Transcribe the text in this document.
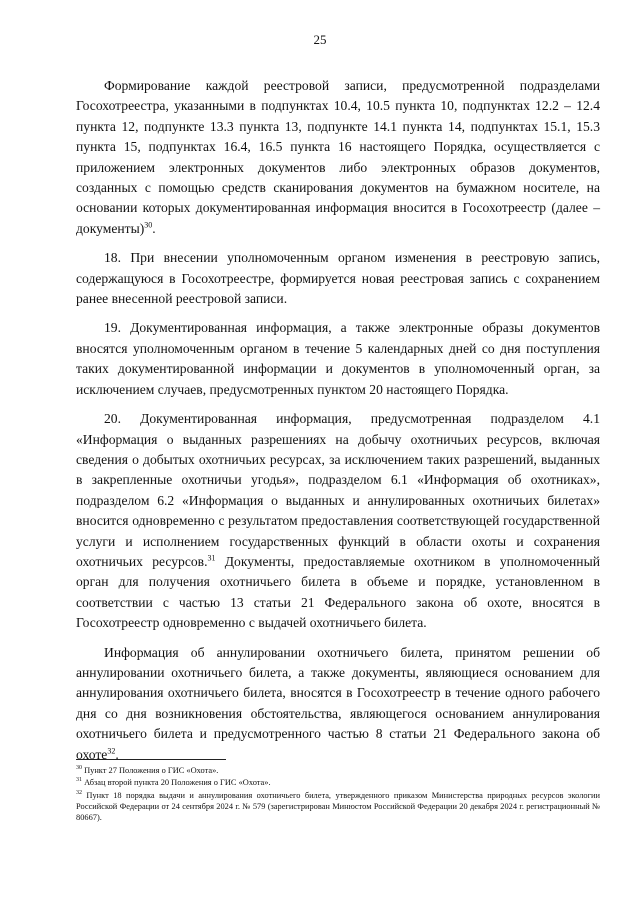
25

Формирование каждой реестровой записи, предусмотренной подразделами Госохотреестра, указанными в подпунктах 10.4, 10.5 пункта 10, подпунктах 12.2 – 12.4 пункта 12, подпункте 13.3 пункта 13, подпункте 14.1 пункта 14, подпунктах 15.1, 15.3 пункта 15, подпунктах 16.4, 16.5 пункта 16 настоящего Порядка, осуществляется с приложением электронных документов либо электронных образов документов, созданных с помощью средств сканирования документов на бумажном носителе, на основании которых документированная информация вносится в Госохотреестр (далее – документы)$^{30}$.

18. При внесении уполномоченным органом изменения в реестровую запись, содержащуюся в Госохотреестре, формируется новая реестровая запись с сохранением ранее внесенной реестровой записи.

19. Документированная информация, а также электронные образы документов вносятся уполномоченным органом в течение 5 календарных дней со дня поступления таких документированной информации и документов в уполномоченный орган, за исключением случаев, предусмотренных пунктом 20 настоящего Порядка.

20. Документированная информация, предусмотренная подразделом 4.1 «Информация о выданных разрешениях на добычу охотничьих ресурсов, включая сведения о добытых охотничьих ресурсах, за исключением таких разрешений, выданных в закрепленные охотничьи угодья», подразделом 6.1 «Информация об охотниках», подразделом 6.2 «Информация о выданных и аннулированных охотничьих билетах» вносится одновременно с результатом предоставления соответствующей государственной услуги и исполнением государственных функций в области охоты и сохранения охотничьих ресурсов.$^{31}$ Документы, предоставляемые охотником в уполномоченный орган для получения охотничьего билета в объеме и порядке, установленном в соответствии с частью 13 статьи 21 Федерального закона об охоте, вносятся в Госохотреестр одновременно с выдачей охотничьего билета.

Информация об аннулировании охотничьего билета, принятом решении об аннулировании охотничьего билета, а также документы, являющиеся основанием для аннулирования охотничьего билета, вносятся в Госохотреестр в течение одного рабочего дня со дня возникновения обстоятельства, являющегося основанием аннулирования охотничьего билета и предусмотренного частью 8 статьи 21 Федерального закона об охоте$^{32}$.

$^{30}$ Пункт 27 Положения о ГИС «Охота».

$^{31}$ Абзац второй пункта 20 Положения о ГИС «Охота».

$^{32}$ Пункт 18 порядка выдачи и аннулирования охотничьего билета, утвержденного приказом Министерства природных ресурсов экологии Российской Федерации от 24 сентября 2024 г. № 579 (зарегистрирован Минюстом Российской Федерации 20 декабря 2024 г. регистрационный № 80667).
